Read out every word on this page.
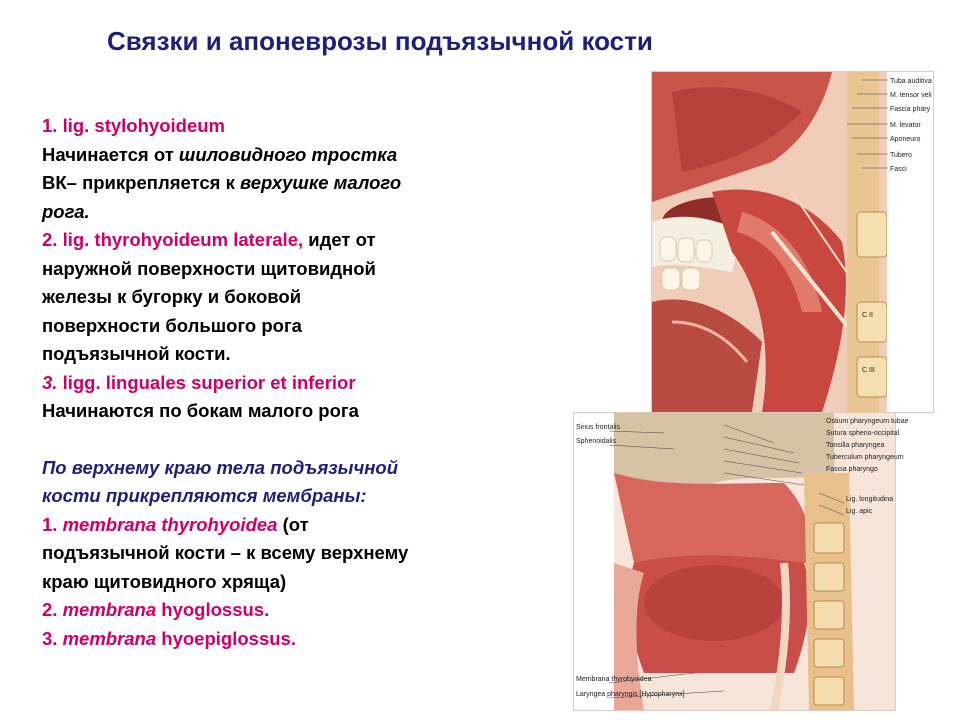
Связки и апоневрозы подъязычной кости
1. lig. stylohyoideum
Начинается от шиловидного тростка
ВК– прикрепляется к верхушке малого
рога.
2. lig. thyrohyoideum laterale, идет от
наружной поверхности щитовидной
железы к бугорку и боковой
поверхности большого рога
подъязычной кости.
3. ligg. linguales superior et inferior
Начинаются по бокам малого рога
По верхнему краю тела подъязычной
кости прикрепляются мембраны:
1. membrana thyrohyoidea (от
подъязычной кости – к всему верхнему
краю щитовидного хряща)
2. membrana hyoglossus.
3. membrana hyoepiglossus.
Tuba auditiva
M. tensor veli
Fascia phary
M. levator
Aponeuro
Tubero
Fasci
C II
C III
Sinus frontalis
Sphenoidalis
Ostium pharyngeum tubae
Sutura spheno-occipital
Tonsilla pharyngea
Tuberculum pharyngeum
Fascia pharyngo
Lig. longitudina
Lig. apic
Membrana thyrohyoidea
Laryngea pharyngis [Hypopharynx]
